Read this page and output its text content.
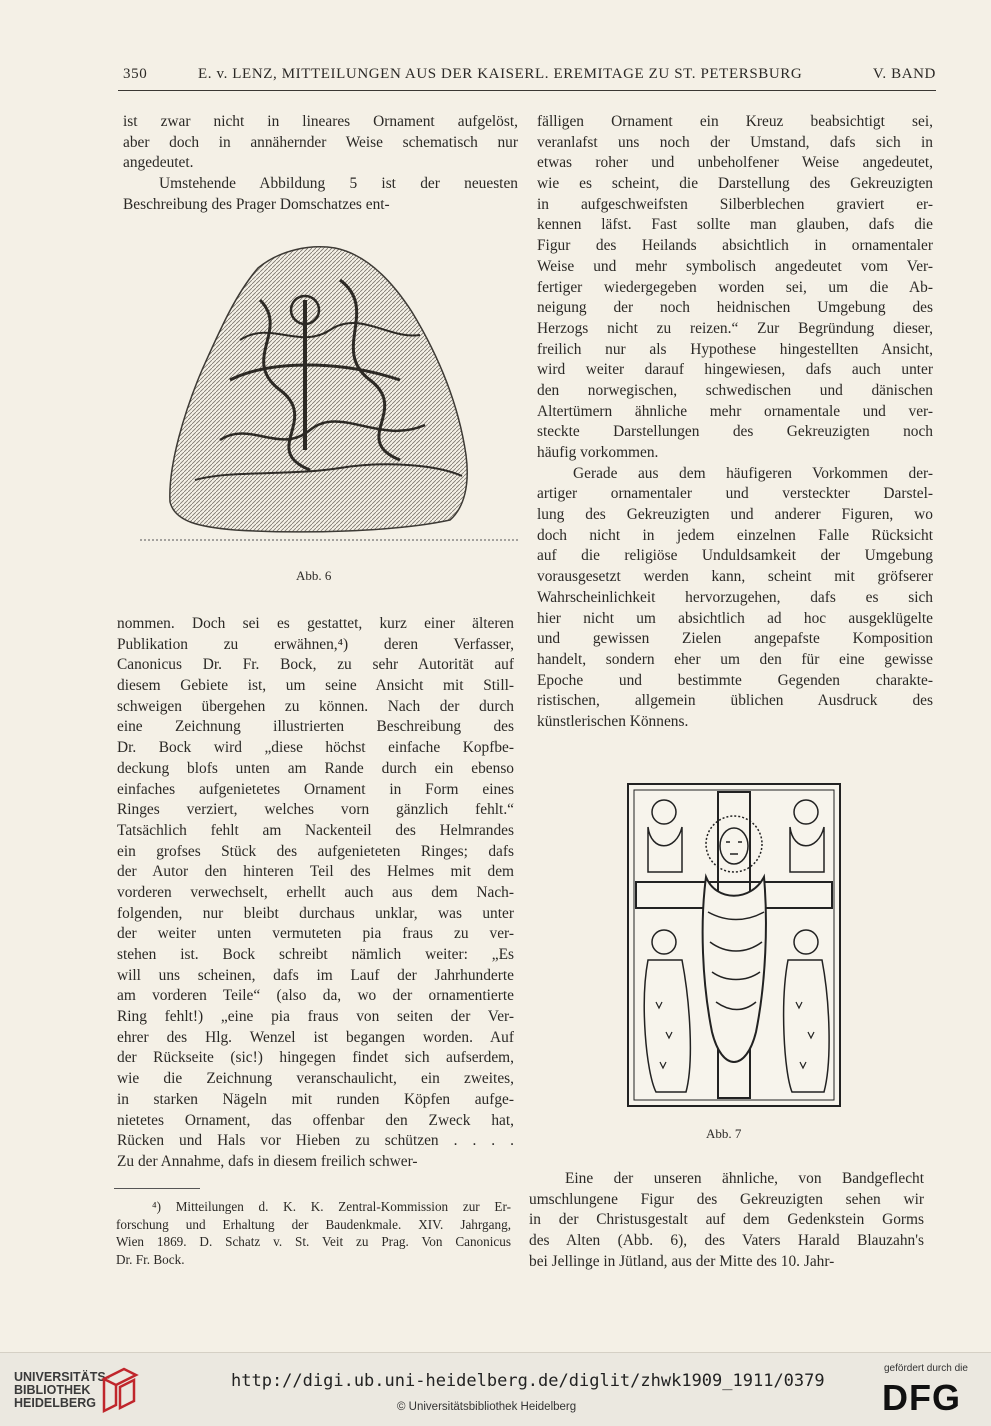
350	E. v. LENZ, MITTEILUNGEN AUS DER KAISERL. EREMITAGE ZU ST. PETERSBURG	V. BAND
ist zwar nicht in lineares Ornament aufgelöst,
aber doch in annähernder Weise schematisch nur
angedeutet.
Umstehende Abbildung 5 ist der neuesten
Beschreibung des Prager Domschatzes ent-
Abb. 6
nommen. Doch sei es gestattet, kurz einer älteren
Publikation zu erwähnen,⁴) deren Verfasser,
Canonicus Dr. Fr. Bock, zu sehr Autorität auf
diesem Gebiete ist, um seine Ansicht mit Still-
schweigen übergehen zu können. Nach der durch
eine Zeichnung illustrierten Beschreibung des
Dr. Bock wird „diese höchst einfache Kopfbe-
deckung blofs unten am Rande durch ein ebenso
einfaches aufgenietetes Ornament in Form eines
Ringes verziert, welches vorn gänzlich fehlt.“
Tatsächlich fehlt am Nackenteil des Helmrandes
ein grofses Stück des aufgenieteten Ringes; dafs
der Autor den hinteren Teil des Helmes mit dem
vorderen verwechselt, erhellt auch aus dem Nach-
folgenden, nur bleibt durchaus unklar, was unter
der weiter unten vermuteten pia fraus zu ver-
stehen ist. Bock schreibt nämlich weiter: „Es
will uns scheinen, dafs im Lauf der Jahrhunderte
am vorderen Teile“ (also da, wo der ornamentierte
Ring fehlt!) „eine pia fraus von seiten der Ver-
ehrer des Hlg. Wenzel ist begangen worden. Auf
der Rückseite (sic!) hingegen findet sich aufserdem,
wie die Zeichnung veranschaulicht, ein zweites,
in starken Nägeln mit runden Köpfen aufge-
nietetes Ornament, das offenbar den Zweck hat,
Rücken und Hals vor Hieben zu schützen . . . .
Zu der Annahme, dafs in diesem freilich schwer-
⁴) Mitteilungen d. K. K. Zentral-Kommission zur Er-
forschung und Erhaltung der Baudenkmale. XIV. Jahrgang,
Wien 1869. D. Schatz v. St. Veit zu Prag. Von Canonicus
Dr. Fr. Bock.
fälligen Ornament ein Kreuz beabsichtigt sei,
veranlafst uns noch der Umstand, dafs sich in
etwas roher und unbeholfener Weise angedeutet,
wie es scheint, die Darstellung des Gekreuzigten
in aufgeschweifsten Silberblechen graviert er-
kennen läfst. Fast sollte man glauben, dafs die
Figur des Heilands absichtlich in ornamentaler
Weise und mehr symbolisch angedeutet vom Ver-
fertiger wiedergegeben worden sei, um die Ab-
neigung der noch heidnischen Umgebung des
Herzogs nicht zu reizen.“ Zur Begründung dieser,
freilich nur als Hypothese hingestellten Ansicht,
wird weiter darauf hingewiesen, dafs auch unter
den norwegischen, schwedischen und dänischen
Altertümern ähnliche mehr ornamentale und ver-
steckte Darstellungen des Gekreuzigten noch
häufig vorkommen.
Gerade aus dem häufigeren Vorkommen der-
artiger ornamentaler und versteckter Darstel-
lung des Gekreuzigten und anderer Figuren, wo
doch nicht in jedem einzelnen Falle Rücksicht
auf die religiöse Unduldsamkeit der Umgebung
vorausgesetzt werden kann, scheint mit gröfserer
Wahrscheinlichkeit hervorzugehen, dafs es sich
hier nicht um absichtlich ad hoc ausgeklügelte
und gewissen Zielen angepafste Komposition
handelt, sondern eher um den für eine gewisse
Epoche und bestimmte Gegenden charakte-
ristischen, allgemein üblichen Ausdruck des
künstlerischen Könnens.
Abb. 7
Eine der unseren ähnliche, von Bandgeflecht
umschlungene Figur des Gekreuzigten sehen wir
in der Christusgestalt auf dem Gedenkstein Gorms
des Alten (Abb. 6), des Vaters Harald Blauzahn's
bei Jellinge in Jütland, aus der Mitte des 10. Jahr-
UNIVERSITÄTS-
BIBLIOTHEK
HEIDELBERG
http://digi.ub.uni-heidelberg.de/diglit/zhwk1909_1911/0379
© Universitätsbibliothek Heidelberg
gefördert durch die
DFG
